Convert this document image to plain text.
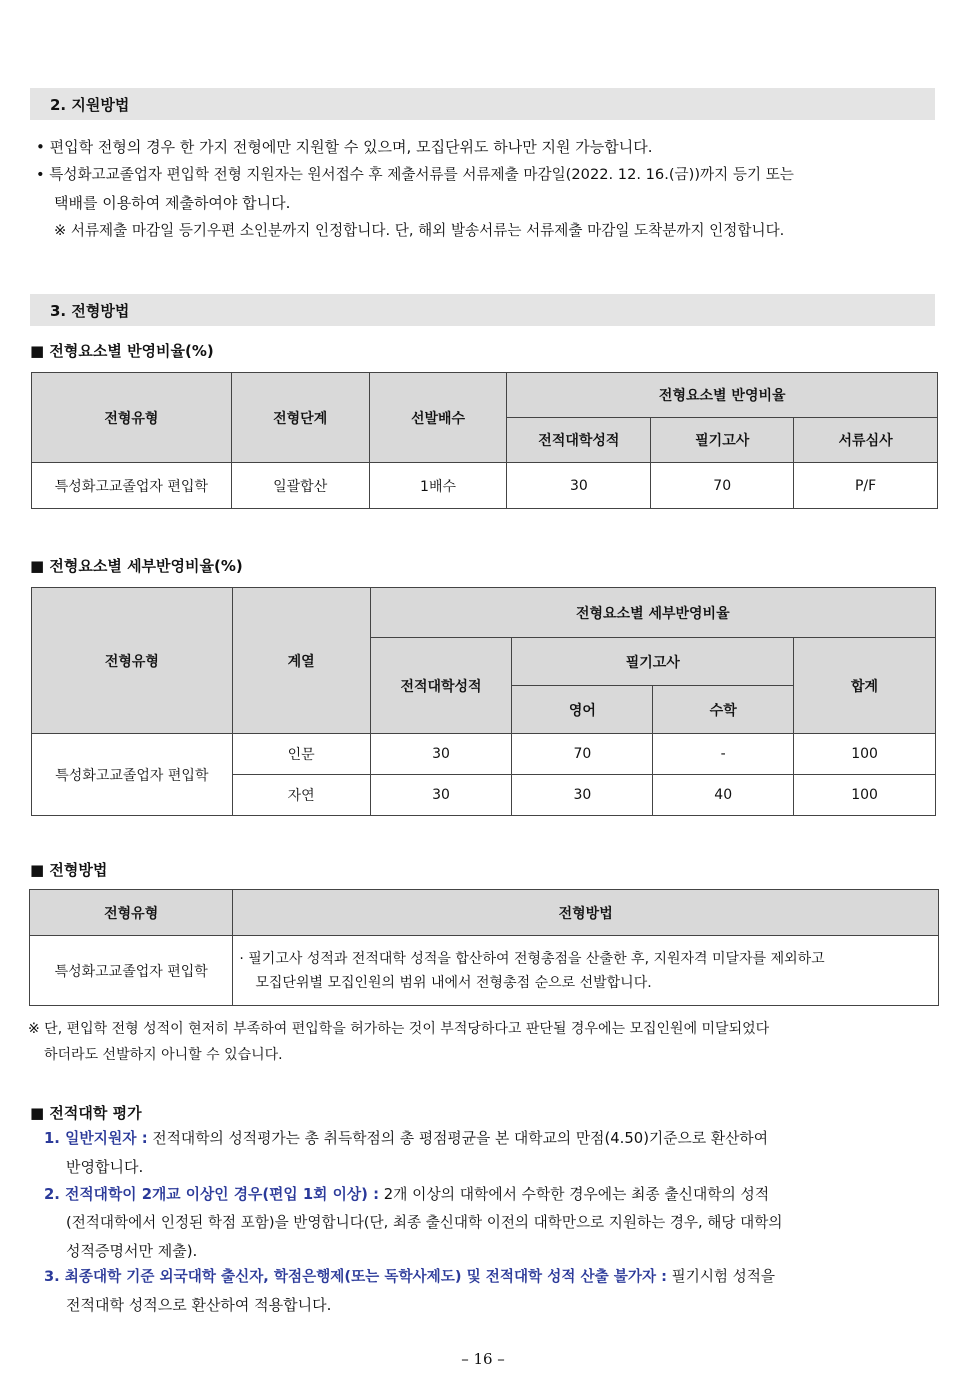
2. 지원방법
• 편입학 전형의 경우 한 가지 전형에만 지원할 수 있으며, 모집단위도 하나만 지원 가능합니다.
• 특성화고교졸업자 편입학 전형 지원자는 원서접수 후 제출서류를 서류제출 마감일(2022. 12. 16.(금))까지 등기 또는
택배를 이용하여 제출하여야 합니다.
※ 서류제출 마감일 등기우편 소인분까지 인정합니다. 단, 해외 발송서류는 서류제출 마감일 도착분까지 인정합니다.
3. 전형방법
■ 전형요소별 반영비율(%)
전형유형	전형단계	선발배수	전형요소별 반영비율		
			전적대학성적	필기고사	서류심사
특성화고교졸업자 편입학	일괄합산	1배수	30	70	P/F
■ 전형요소별 세부반영비율(%)
전형유형	계열	전형요소별 세부반영비율			
		전적대학성적	필기고사		합계
			영어	수학	
특성화고교졸업자 편입학	인문	30	70	-	100
	자연	30	30	40	100
■ 전형방법
전형유형	전형방법
특성화고교졸업자 편입학	· 필기고사 성적과 전적대학 성적을 합산하여 전형총점을 산출한 후, 지원자격 미달자를 제외하고
모집단위별 모집인원의 범위 내에서 전형총점 순으로 선발합니다.
※ 단, 편입학 전형 성적이 현저히 부족하여 편입학을 허가하는 것이 부적당하다고 판단될 경우에는 모집인원에 미달되었다
하더라도 선발하지 아니할 수 있습니다.
■ 전적대학 평가
1. 일반지원자 : 전적대학의 성적평가는 총 취득학점의 총 평점평균을 본 대학교의 만점(4.50)기준으로 환산하여
반영합니다.
2. 전적대학이 2개교 이상인 경우(편입 1회 이상) : 2개 이상의 대학에서 수학한 경우에는 최종 출신대학의 성적
(전적대학에서 인정된 학점 포함)을 반영합니다(단, 최종 출신대학 이전의 대학만으로 지원하는 경우, 해당 대학의
성적증명서만 제출).
3. 최종대학 기준 외국대학 출신자, 학점은행제(또는 독학사제도) 및 전적대학 성적 산출 불가자 : 필기시험 성적을
전적대학 성적으로 환산하여 적용합니다.
– 16 –
